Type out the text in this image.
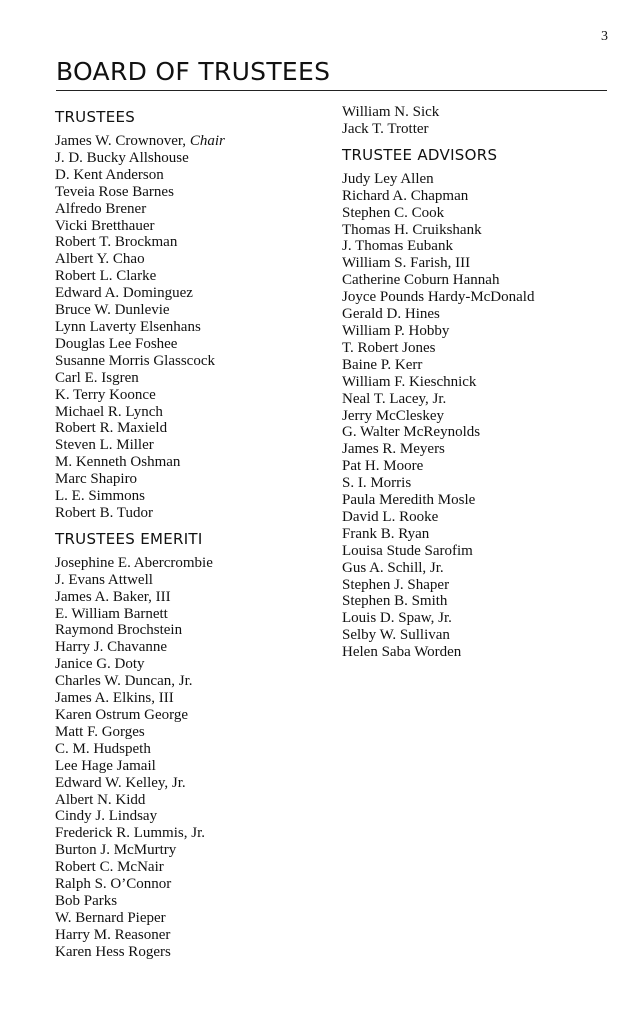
3
BOARD OF TRUSTEES
TRUSTEES
James W. Crownover, Chair
J. D. Bucky Allshouse
D. Kent Anderson
Teveia Rose Barnes
Alfredo Brener
Vicki Bretthauer
Robert T. Brockman
Albert Y. Chao
Robert L. Clarke
Edward A. Dominguez
Bruce W. Dunlevie
Lynn Laverty Elsenhans
Douglas Lee Foshee
Susanne Morris Glasscock
Carl E. Isgren
K. Terry Koonce
Michael R. Lynch
Robert R. Maxield
Steven L. Miller
M. Kenneth Oshman
Marc Shapiro
L. E. Simmons
Robert B. Tudor
TRUSTEES EMERITI
Josephine E. Abercrombie
J. Evans Attwell
James A. Baker, III
E. William Barnett
Raymond Brochstein
Harry J. Chavanne
Janice G. Doty
Charles W. Duncan, Jr.
James A. Elkins, III
Karen Ostrum George
Matt F. Gorges
C. M. Hudspeth
Lee Hage Jamail
Edward W. Kelley, Jr.
Albert N. Kidd
Cindy J. Lindsay
Frederick R. Lummis, Jr.
Burton J. McMurtry
Robert C. McNair
Ralph S. O’Connor
Bob Parks
W. Bernard Pieper
Harry M. Reasoner
Karen Hess Rogers
William N. Sick
Jack T. Trotter
TRUSTEE ADVISORS
Judy Ley Allen
Richard A. Chapman
Stephen C. Cook
Thomas H. Cruikshank
J. Thomas Eubank
William S. Farish, III
Catherine Coburn Hannah
Joyce Pounds Hardy-McDonald
Gerald D. Hines
William P. Hobby
T. Robert Jones
Baine P. Kerr
William F. Kieschnick
Neal T. Lacey, Jr.
Jerry McCleskey
G. Walter McReynolds
James R. Meyers
Pat H. Moore
S. I. Morris
Paula Meredith Mosle
David L. Rooke
Frank B. Ryan
Louisa Stude Sarofim
Gus A. Schill, Jr.
Stephen J. Shaper
Stephen B. Smith
Louis D. Spaw, Jr.
Selby W. Sullivan
Helen Saba Worden
